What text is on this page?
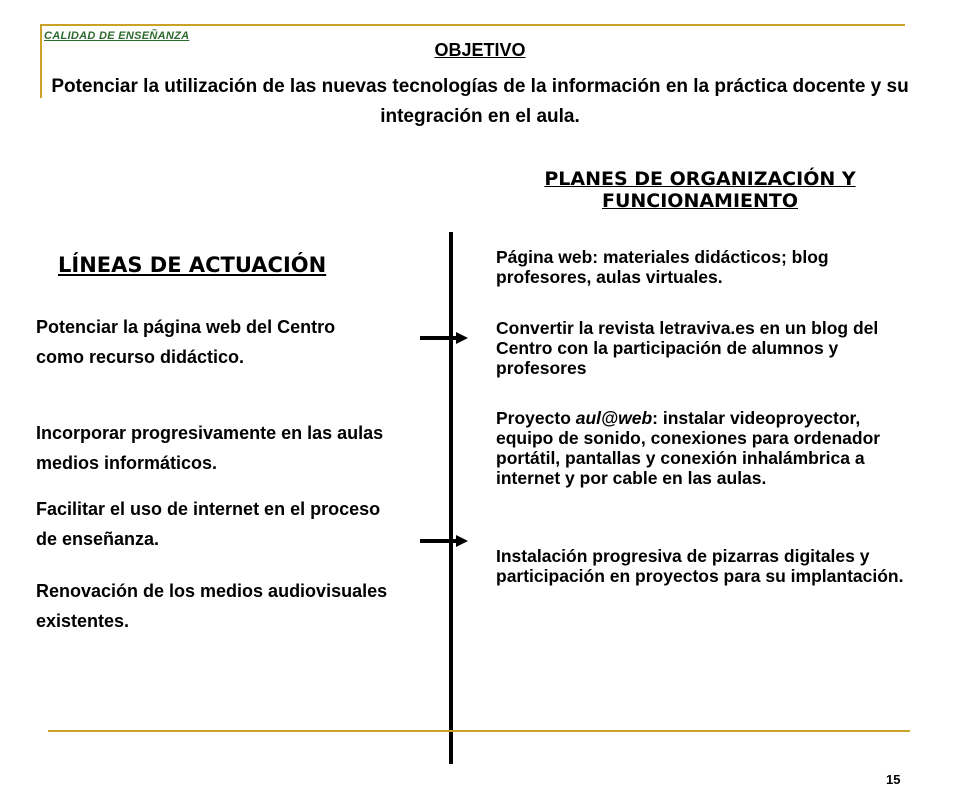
CALIDAD DE ENSEÑANZA
OBJETIVO
Potenciar la utilización de las nuevas tecnologías de la información en la práctica docente y su integración en el aula.
PLANES DE ORGANIZACIÓN Y FUNCIONAMIENTO
LÍNEAS DE ACTUACIÓN
Potenciar la página web del Centro como recurso didáctico.
Incorporar progresivamente en las aulas medios informáticos.
Facilitar el uso de internet en el proceso de enseñanza.
Renovación de los medios audiovisuales existentes.
Página web: materiales didácticos; blog profesores, aulas virtuales.
Convertir la revista letraviva.es en un blog del Centro con la participación de alumnos y profesores
Proyecto aul@web: instalar videoproyector, equipo de sonido, conexiones para ordenador portátil, pantallas y conexión inhalámbrica a internet y por cable en las aulas.
Instalación progresiva de pizarras digitales y participación en proyectos para su implantación.
15
